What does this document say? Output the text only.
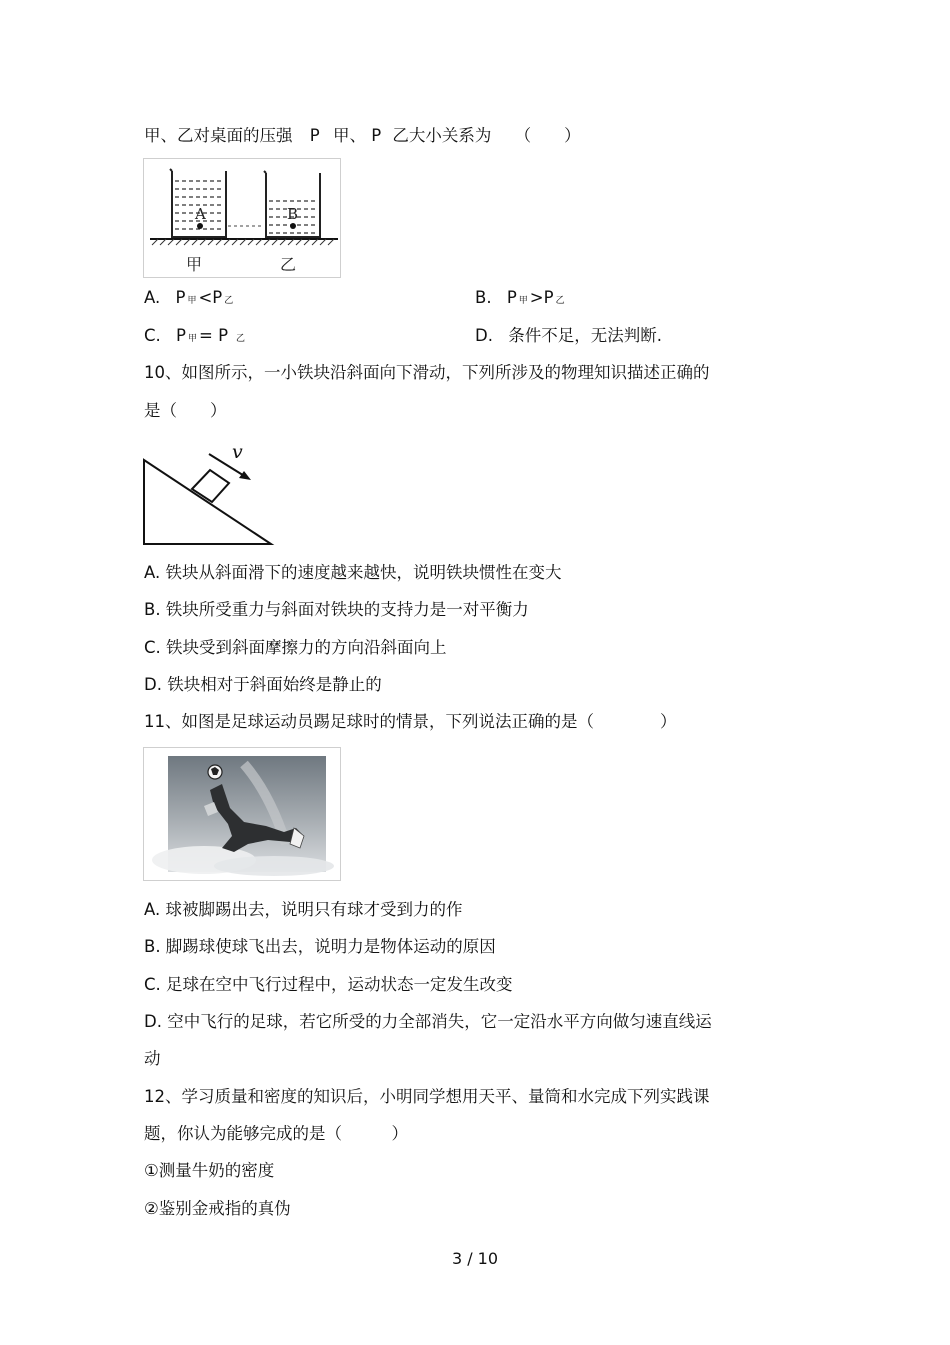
甲、乙对桌面的压强 P 甲、 P 乙大小关系为 （　　）
A	B
甲	乙
A. P 甲 <P 乙	B. P 甲 >P 乙
C. P 甲 = P 乙	D. 条件不足，无法判断.
10、如图所示，一小铁块沿斜面向下滑动，下列所涉及的物理知识描述正确的
是（　　）
v
A. 铁块从斜面滑下的速度越来越快，说明铁块惯性在变大
B. 铁块所受重力与斜面对铁块的支持力是一对平衡力
C. 铁块受到斜面摩擦力的方向沿斜面向上
D. 铁块相对于斜面始终是静止的
11、如图是足球运动员踢足球时的情景，下列说法正确的是（　　　　）
A. 球被脚踢出去，说明只有球才受到力的作
B. 脚踢球使球飞出去，说明力是物体运动的原因
C. 足球在空中飞行过程中，运动状态一定发生改变
D. 空中飞行的足球，若它所受的力全部消失，它一定沿水平方向做匀速直线运
动
12、学习质量和密度的知识后，小明同学想用天平、量筒和水完成下列实践课
题，你认为能够完成的是（　　　）
①测量牛奶的密度
②鉴别金戒指的真伪
3 / 10
